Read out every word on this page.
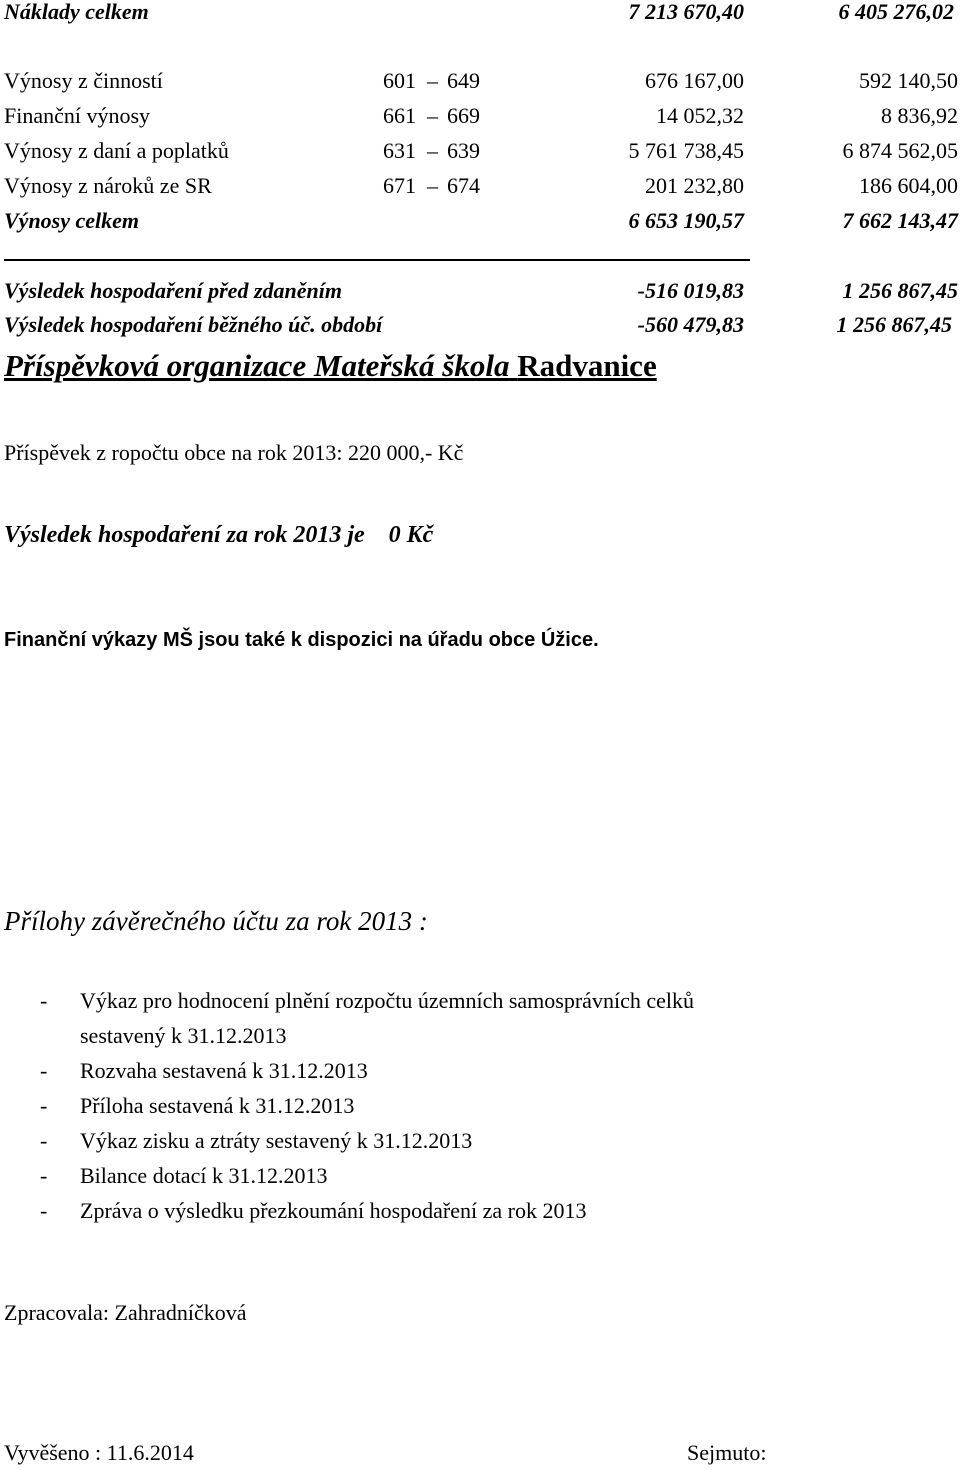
Náklady celkem	7 213 670,40	6 405 276,02
Výnosy z činností	601 – 649	676 167,00	592 140,50
Finanční výnosy	661 – 669	14 052,32	8 836,92
Výnosy z daní a poplatků	631 – 639	5 761 738,45	6 874 562,05
Výnosy z nároků ze SR	671 – 674	201 232,80	186 604,00
Výnosy celkem	6 653 190,57	7 662 143,47
Výsledek hospodaření před zdaněním	-516 019,83	1 256 867,45
Výsledek hospodaření běžného úč. období	-560 479,83	1 256 867,45
Příspěvková organizace Mateřská škola Radvanice
Příspěvek z ropočtu obce na rok 2013: 220 000,- Kč
Výsledek hospodaření za rok 2013 je 0 Kč
Finanční výkazy MŠ jsou také k dispozici na úřadu obce Úžice.
Přílohy závěrečného účtu za rok 2013 :
- Výkaz pro hodnocení plnění rozpočtu územních samosprávních celků
sestavený k 31.12.2013
- Rozvaha sestavená k 31.12.2013
- Příloha sestavená k 31.12.2013
- Výkaz zisku a ztráty sestavený k 31.12.2013
- Bilance dotací k 31.12.2013
- Zpráva o výsledku přezkoumání hospodaření za rok 2013
Zpracovala: Zahradníčková
Vyvěšeno : 11.6.2014	Sejmuto:
